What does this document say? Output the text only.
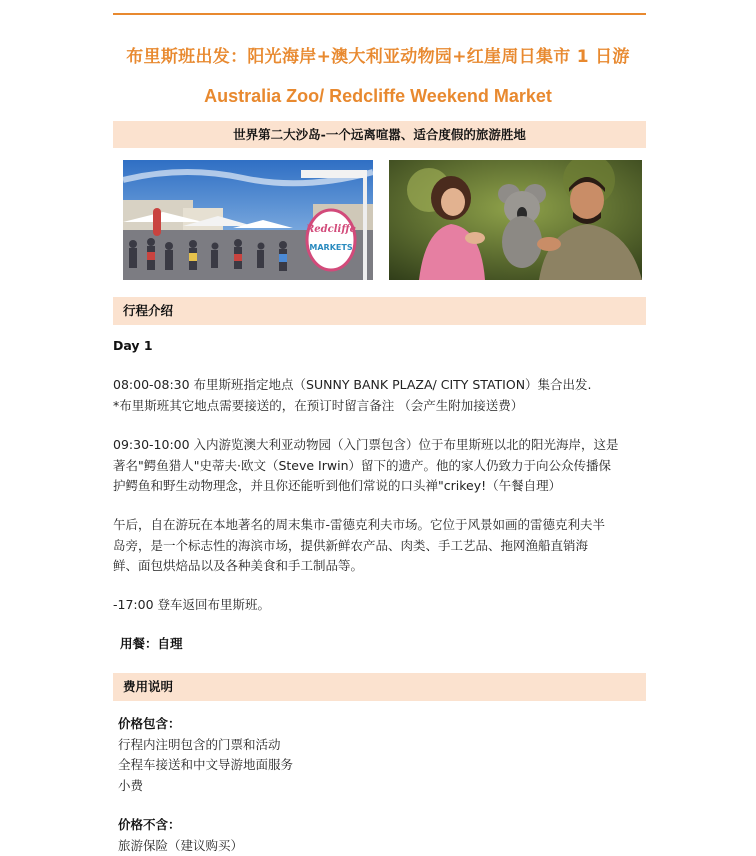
布里斯班出发：阳光海岸+澳大利亚动物园+红崖周日集市 1 日游
Australia Zoo/ Redcliffe Weekend Market
世界第二大沙岛-一个远离喧嚣、适合度假的旅游胜地
Redcliffe
MARKETS
行程介绍
Day 1
08:00-08:30 布里斯班指定地点（SUNNY BANK PLAZA/ CITY STATION）集合出发.
*布里斯班其它地点需要接送的，在预订时留言备注 （会产生附加接送费）
09:30-10:00 入内游览澳大利亚动物园（入门票包含）位于布里斯班以北的阳光海岸，这是
著名"鳄鱼猎人"史蒂夫·欧文（Steve Irwin）留下的遗产。他的家人仍致力于向公众传播保
护鳄鱼和野生动物理念，并且你还能听到他们常说的口头禅"crikey!（午餐自理）
午后，自在游玩在本地著名的周末集市-雷德克利夫市场。它位于风景如画的雷德克利夫半
岛旁，是一个标志性的海滨市场，提供新鲜农产品、肉类、手工艺品、拖网渔船直销海
鲜、面包烘焙品以及各种美食和手工制品等。
-17:00 登车返回布里斯班。
用餐：自理
费用说明
价格包含：
行程内注明包含的门票和活动
全程车接送和中文导游地面服务
小费
价格不含：
旅游保险（建议购买）
